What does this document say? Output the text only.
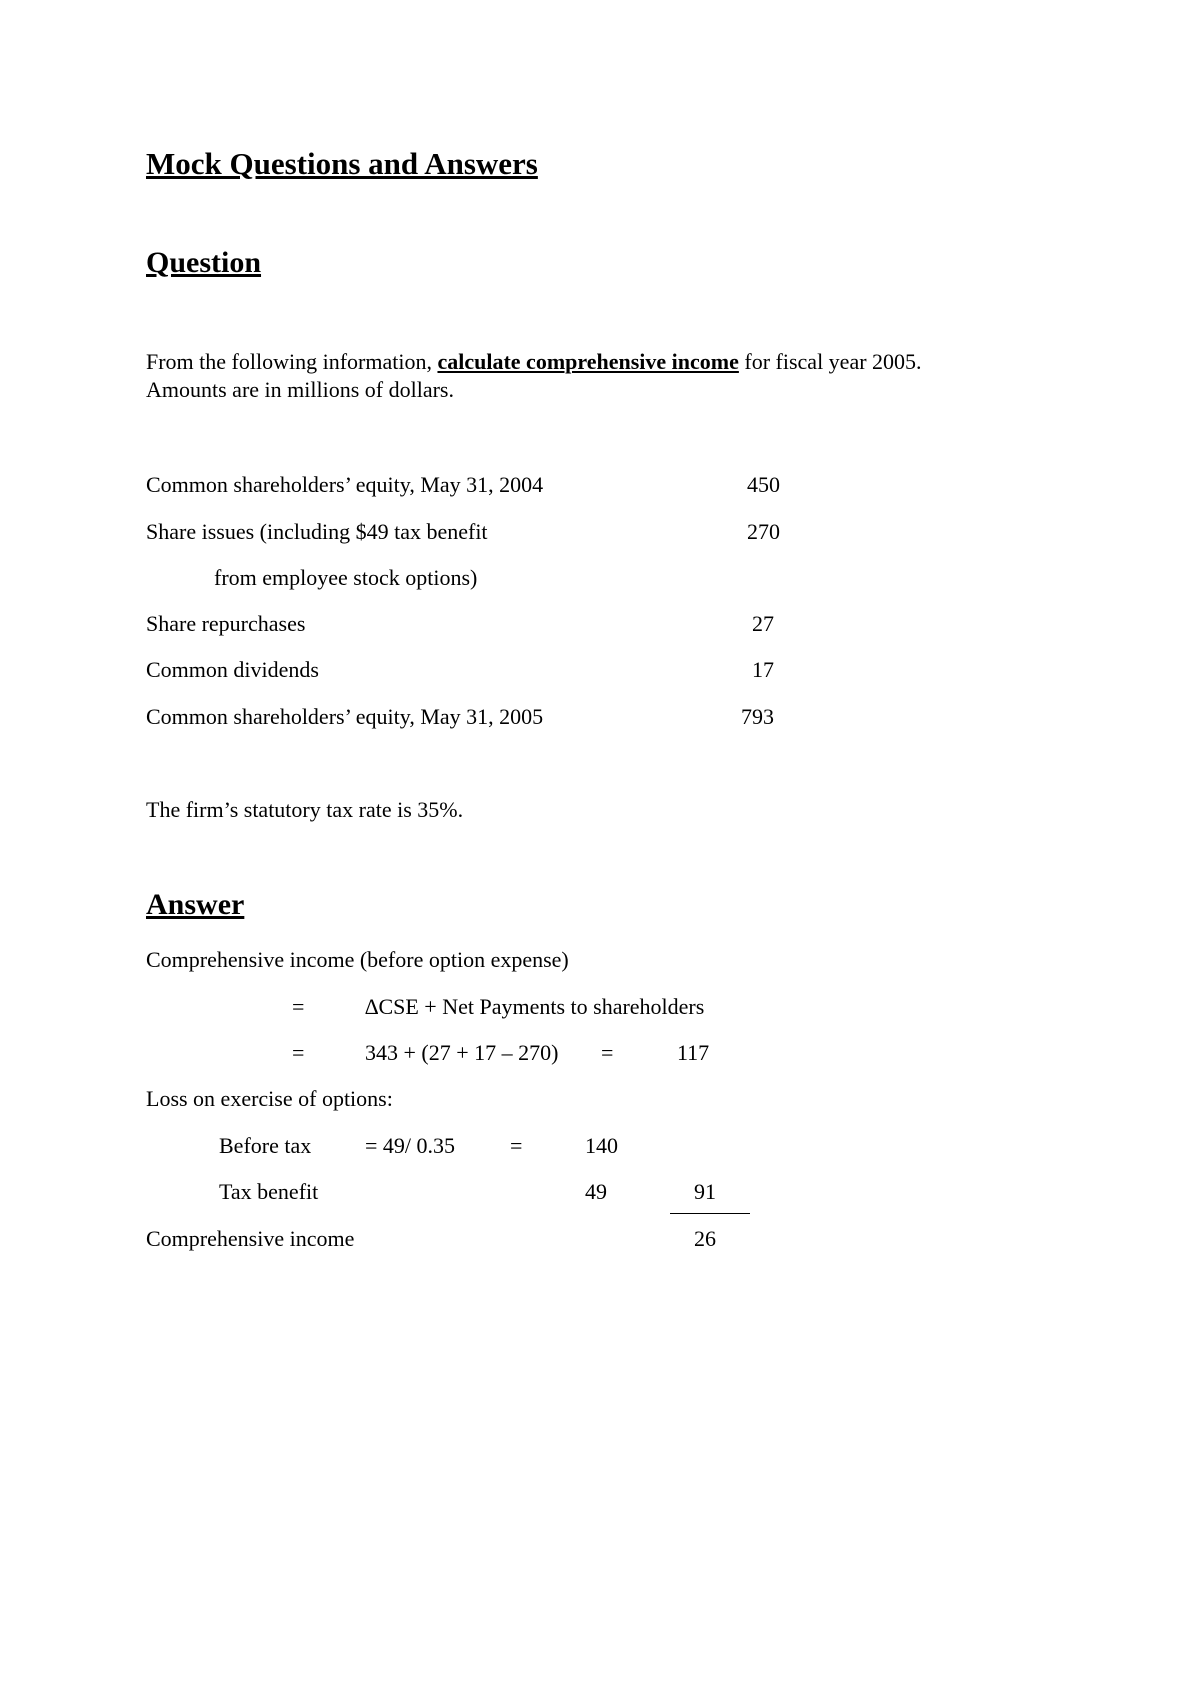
Mock Questions and Answers
Question
From the following information, calculate comprehensive income for fiscal year 2005.
Amounts are in millions of dollars.
Common shareholders’ equity, May 31, 2004	450
Share issues (including $49 tax benefit	270
from employee stock options)
Share repurchases	27
Common dividends	17
Common shareholders’ equity, May 31, 2005	793
The firm’s statutory tax rate is 35%.
Answer
Comprehensive income (before option expense)
=	∆CSE + Net Payments to shareholders
=	343 + (27 + 17 – 270) =	117
Loss on exercise of options:
Before tax = 49/ 0.35 =	140
Tax benefit	49	91
Comprehensive income	26
